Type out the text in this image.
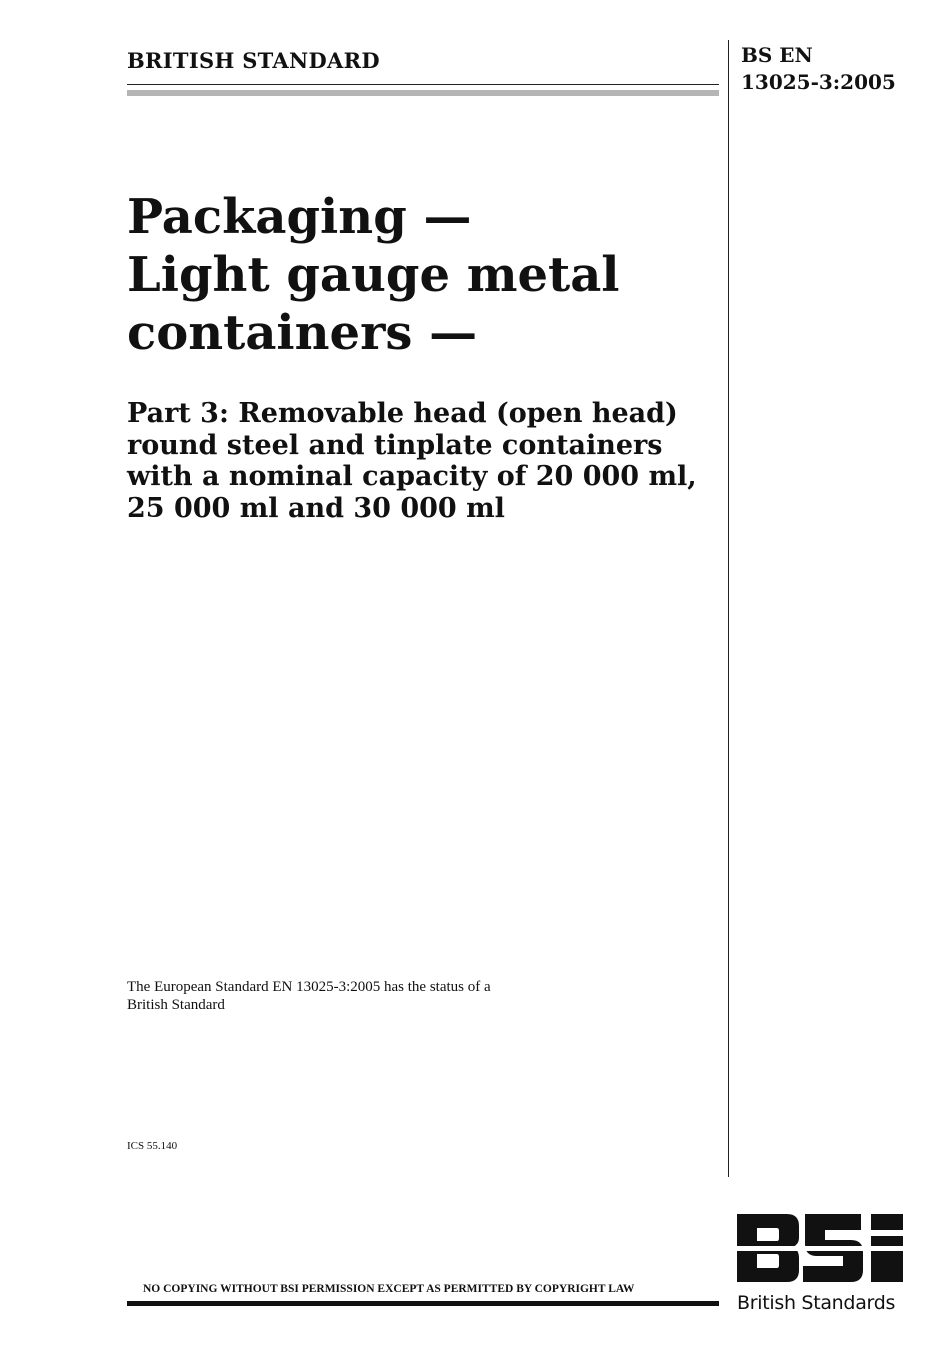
BRITISH STANDARD	BS EN
13025-3:2005
Packaging —
Light gauge metal
containers —
Part 3: Removable head (open head)
round steel and tinplate containers
with a nominal capacity of 20 000 ml,
25 000 ml and 30 000 ml
The European Standard EN 13025-3:2005 has the status of a
British Standard
ICS 55.140
NO COPYING WITHOUT BSI PERMISSION EXCEPT AS PERMITTED BY COPYRIGHT LAW
British Standards
